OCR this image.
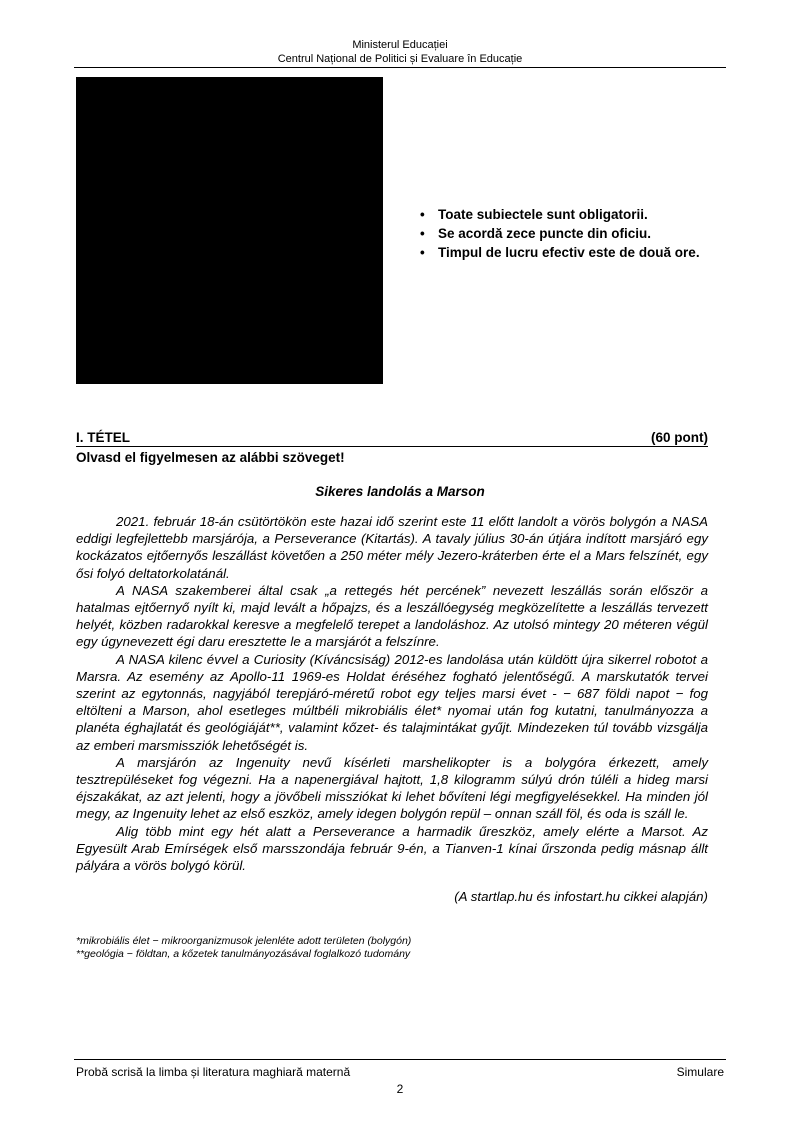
Ministerul Educației
Centrul Național de Politici și Evaluare în Educație
• Toate subiectele sunt obligatorii.
• Se acordă zece puncte din oficiu.
• Timpul de lucru efectiv este de două ore.
I. TÉTEL	(60 pont)
Olvasd el figyelmesen az alábbi szöveget!
Sikeres landolás a Marson

2021. február 18-án csütörtökön este hazai idő szerint este 11 előtt landolt a vörös bolygón a NASA eddigi legfejlettebb marsjárója, a Perseverance (Kitartás). A tavaly július 30-án útjára indított marsjáró egy kockázatos ejtőernyős leszállást követően a 250 méter mély Jezero-kráterben érte el a Mars felszínét, egy ősi folyó deltatorkolatánál.

A NASA szakemberei által csak „a rettegés hét percének” nevezett leszállás során először a hatalmas ejtőernyő nyílt ki, majd levált a hőpajzs, és a leszállóegység megközelítette a leszállás tervezett helyét, közben radarokkal keresve a megfelelő terepet a landoláshoz. Az utolsó mintegy 20 méteren végül egy úgynevezett égi daru eresztette le a marsjárót a felszínre.

A NASA kilenc évvel a Curiosity (Kíváncsiság) 2012-es landolása után küldött újra sikerrel robotot a Marsra. Az esemény az Apollo-11 1969-es Holdat éréséhez fogható jelentőségű. A marskutatók tervei szerint az egytonnás, nagyjából terepjáró-méretű robot egy teljes marsi évet - − 687 földi napot − fog eltölteni a Marson, ahol esetleges múltbéli mikrobiális élet* nyomai után fog kutatni, tanulmányozza a planéta éghajlatát és geológiáját**, valamint kőzet- és talajmintákat gyűjt. Mindezeken túl tovább vizsgálja az emberi marsmissziók lehetőségét is.

A marsjárón az Ingenuity nevű kísérleti marshelikopter is a bolygóra érkezett, amely tesztrepüléseket fog végezni. Ha a napenergiával hajtott, 1,8 kilogramm súlyú drón túléli a hideg marsi éjszakákat, az azt jelenti, hogy a jövőbeli missziókat ki lehet bővíteni légi megfigyelésekkel. Ha minden jól megy, az Ingenuity lehet az első eszköz, amely idegen bolygón repül – onnan száll föl, és oda is száll le.

Alig több mint egy hét alatt a Perseverance a harmadik űreszköz, amely elérte a Marsot. Az Egyesült Arab Emírségek első marsszondája február 9-én, a Tianven-1 kínai űrszonda pedig másnap állt pályára a vörös bolygó körül.

(A startlap.hu és infostart.hu cikkei alapján)
*mikrobiális élet − mikroorganizmusok jelenléte adott területen (bolygón)
**geológia − földtan, a kőzetek tanulmányozásával foglalkozó tudomány
Probă scrisă la limba și literatura maghiară maternă	Simulare
2
